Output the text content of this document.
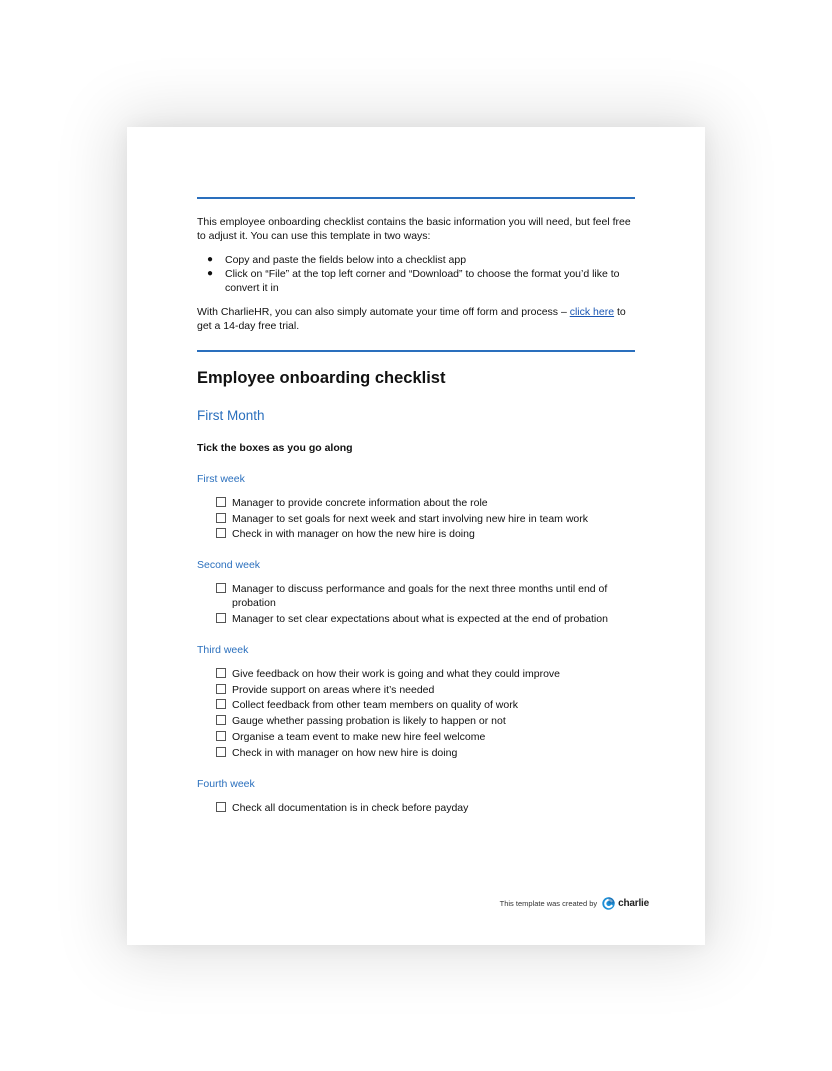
This employee onboarding checklist contains the basic information you will need, but feel free to adjust it. You can use this template in two ways:

● Copy and paste the fields below into a checklist app
● Click on “File” at the top left corner and “Download” to choose the format you’d like to convert it in

With CharlieHR, you can also simply automate your time off form and process – click here to get a 14-day free trial.

Employee onboarding checklist
First Month
Tick the boxes as you go along
First week
Manager to provide concrete information about the role
Manager to set goals for next week and start involving new hire in team work
Check in with manager on how the new hire is doing
Second week
Manager to discuss performance and goals for the next three months until end of probation
Manager to set clear expectations about what is expected at the end of probation
Third week
Give feedback on how their work is going and what they could improve
Provide support on areas where it’s needed
Collect feedback from other team members on quality of work
Gauge whether passing probation is likely to happen or not
Organise a team event to make new hire feel welcome
Check in with manager on how new hire is doing
Fourth week
Check all documentation is in check before payday
This template was created by charlie
